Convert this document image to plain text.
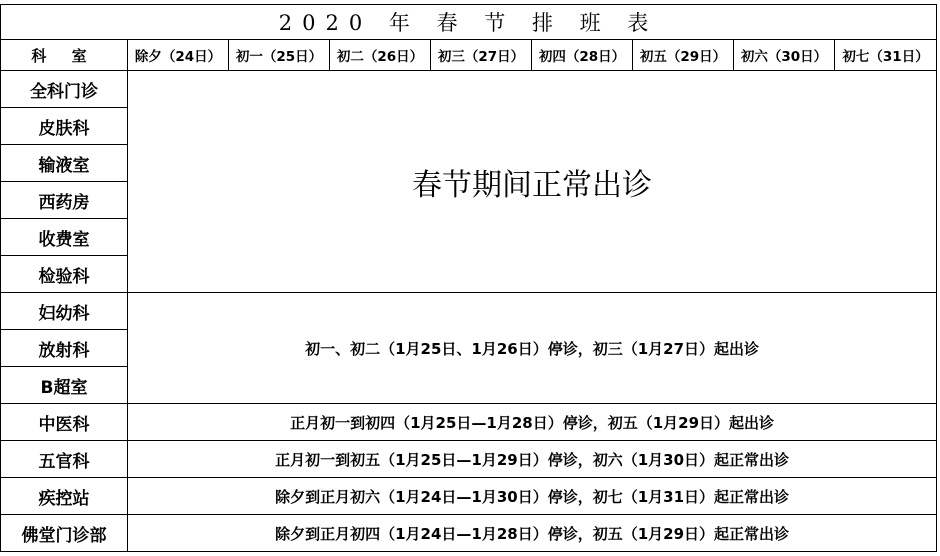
2020 年 春 节 排 班 表								
科 室	除夕（24日）	初一（25日）	初二（26日）	初三（27日）	初四（28日）	初五（29日）	初六（30日）	初七（31日）
全科门诊	春节期间正常出诊							
皮肤科								
输液室								
西药房								
收费室								
检验科								
妇幼科	初一、初二（1月25日、1月26日）停诊，初三（1月27日）起出诊							
放射科								
B超室								
中医科	正月初一到初四（1月25日—1月28日）停诊，初五（1月29日）起出诊							
五官科	正月初一到初五（1月25日—1月29日）停诊，初六（1月30日）起正常出诊							
疾控站	除夕到正月初六（1月24日—1月30日）停诊，初七（1月31日）起正常出诊							
佛堂门诊部	除夕到正月初四（1月24日—1月28日）停诊，初五（1月29日）起正常出诊							
